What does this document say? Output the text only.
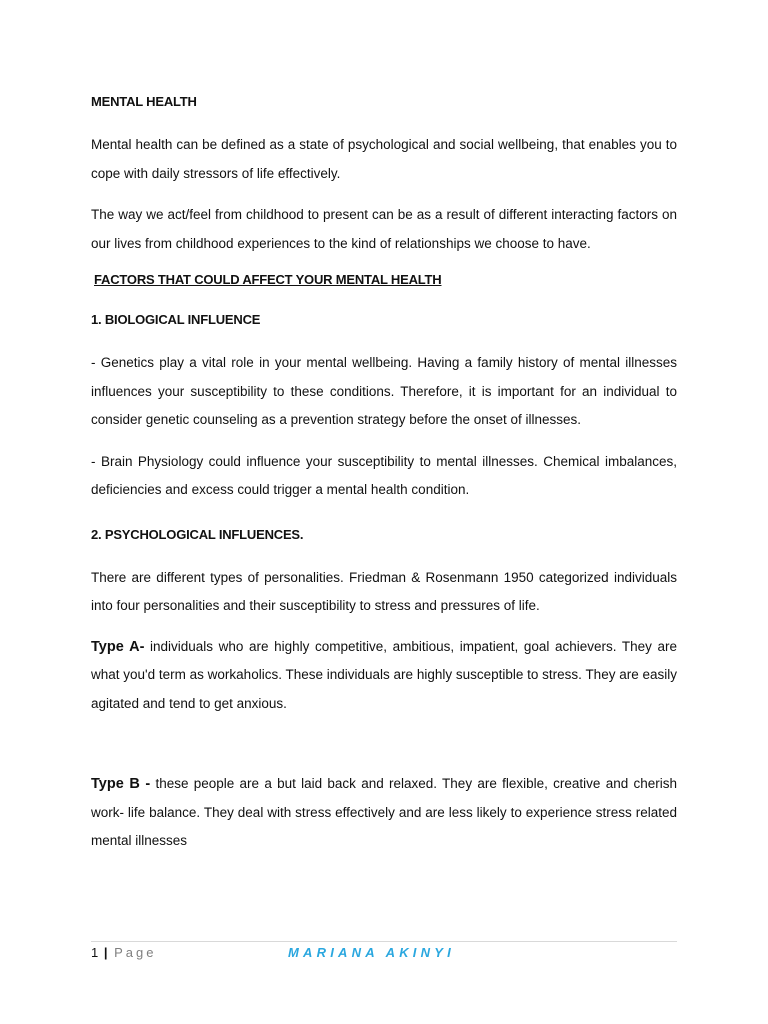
MENTAL HEALTH

Mental health can be defined as a state of psychological and social wellbeing, that enables you to cope with daily stressors of life effectively.

The way we act/feel from childhood to present can be as a result of different interacting factors on our lives from childhood experiences to the kind of relationships we choose to have.

FACTORS THAT COULD AFFECT YOUR MENTAL HEALTH

1. BIOLOGICAL INFLUENCE

- Genetics play a vital role in your mental wellbeing. Having a family history of mental illnesses influences your susceptibility to these conditions. Therefore, it is important for an individual to consider genetic counseling as a prevention strategy before the onset of illnesses.

- Brain Physiology could influence your susceptibility to mental illnesses. Chemical imbalances, deficiencies and excess could trigger a mental health condition.

2. PSYCHOLOGICAL INFLUENCES.

There are different types of personalities. Friedman & Rosenmann 1950 categorized individuals into four personalities and their susceptibility to stress and pressures of life.

Type A- individuals who are highly competitive, ambitious, impatient, goal achievers. They are what you'd term as workaholics. These individuals are highly susceptible to stress. They are easily agitated and tend to get anxious.

Type B - these people are a but laid back and relaxed. They are flexible, creative and cherish work- life balance. They deal with stress effectively and are less likely to experience stress related mental illnesses

1 | Page	MARIANA AKINYI
